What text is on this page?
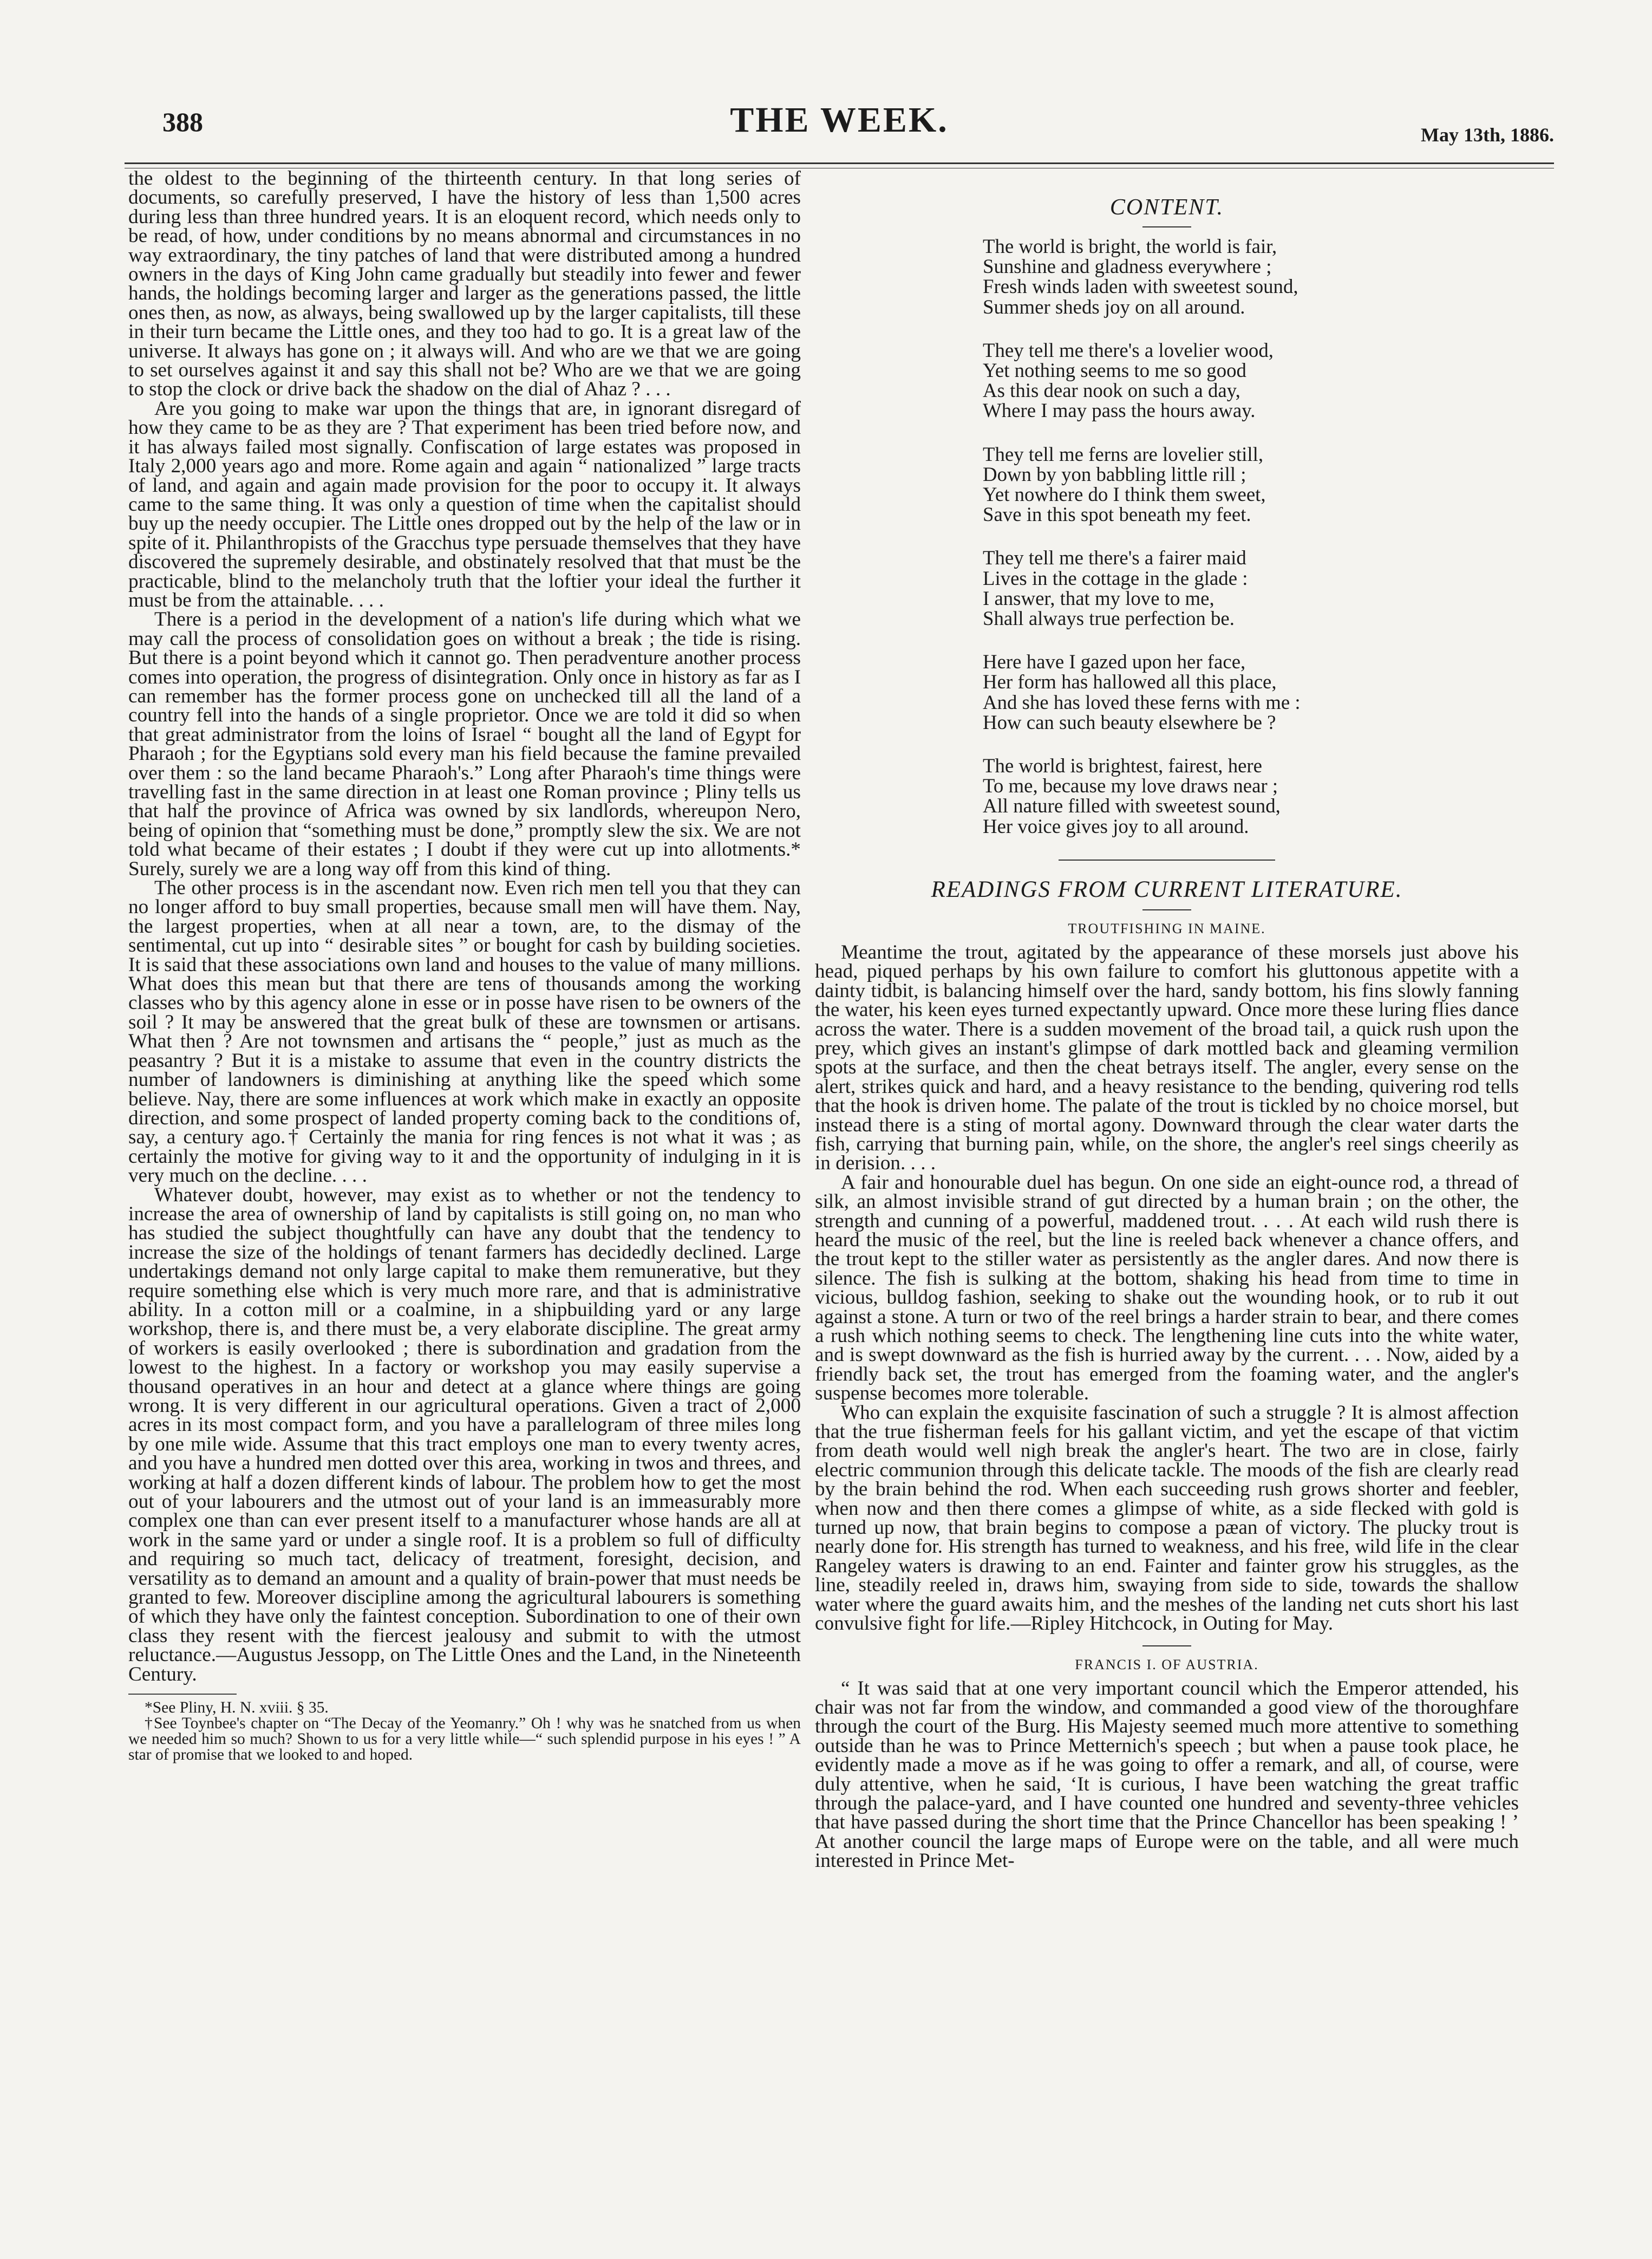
388	THE WEEK.	May 13th, 1886.

the oldest to the beginning of the thirteenth century. In that long series of documents, so carefully preserved, I have the history of less than 1,500 acres during less than three hundred years. It is an eloquent record, which needs only to be read, of how, under conditions by no means abnormal and circumstances in no way extraordinary, the tiny patches of land that were distributed among a hundred owners in the days of King John came gradually but steadily into fewer and fewer hands, the holdings becoming larger and larger as the generations passed, the little ones then, as now, as always, being swallowed up by the larger capitalists, till these in their turn became the Little ones, and they too had to go. It is a great law of the universe. It always has gone on ; it always will. And who are we that we are going to set ourselves against it and say this shall not be? Who are we that we are going to stop the clock or drive back the shadow on the dial of Ahaz ? . . .

Are you going to make war upon the things that are, in ignorant disregard of how they came to be as they are ? That experiment has been tried before now, and it has always failed most signally. Confiscation of large estates was proposed in Italy 2,000 years ago and more. Rome again and again “ nationalized ” large tracts of land, and again and again made provision for the poor to occupy it. It always came to the same thing. It was only a question of time when the capitalist should buy up the needy occupier. The Little ones dropped out by the help of the law or in spite of it. Philanthropists of the Gracchus type persuade themselves that they have discovered the supremely desirable, and obstinately resolved that that must be the practicable, blind to the melancholy truth that the loftier your ideal the further it must be from the attainable. . . .

There is a period in the development of a nation's life during which what we may call the process of consolidation goes on without a break ; the tide is rising. But there is a point beyond which it cannot go. Then peradventure another process comes into operation, the progress of disintegration. Only once in history as far as I can remember has the former process gone on unchecked till all the land of a country fell into the hands of a single proprietor. Once we are told it did so when that great administrator from the loins of Israel “ bought all the land of Egypt for Pharaoh ; for the Egyptians sold every man his field because the famine prevailed over them : so the land became Pharaoh's.” Long after Pharaoh's time things were travelling fast in the same direction in at least one Roman province ; Pliny tells us that half the province of Africa was owned by six landlords, whereupon Nero, being of opinion that “something must be done,” promptly slew the six. We are not told what became of their estates ; I doubt if they were cut up into allotments.* Surely, surely we are a long way off from this kind of thing.

The other process is in the ascendant now. Even rich men tell you that they can no longer afford to buy small properties, because small men will have them. Nay, the largest properties, when at all near a town, are, to the dismay of the sentimental, cut up into “ desirable sites ” or bought for cash by building societies. It is said that these associations own land and houses to the value of many millions. What does this mean but that there are tens of thousands among the working classes who by this agency alone in esse or in posse have risen to be owners of the soil ? It may be answered that the great bulk of these are townsmen or artisans. What then ? Are not townsmen and artisans the “ people,” just as much as the peasantry ? But it is a mistake to assume that even in the country districts the number of landowners is diminishing at anything like the speed which some believe. Nay, there are some influences at work which make in exactly an opposite direction, and some prospect of landed property coming back to the conditions of, say, a century ago.† Certainly the mania for ring fences is not what it was ; as certainly the motive for giving way to it and the opportunity of indulging in it is very much on the decline. . . .

Whatever doubt, however, may exist as to whether or not the tendency to increase the area of ownership of land by capitalists is still going on, no man who has studied the subject thoughtfully can have any doubt that the tendency to increase the size of the holdings of tenant farmers has decidedly declined. Large undertakings demand not only large capital to make them remunerative, but they require something else which is very much more rare, and that is administrative ability. In a cotton mill or a coalmine, in a shipbuilding yard or any large workshop, there is, and there must be, a very elaborate discipline. The great army of workers is easily overlooked ; there is subordination and gradation from the lowest to the highest. In a factory or workshop you may easily supervise a thousand operatives in an hour and detect at a glance where things are going wrong. It is very different in our agricultural operations. Given a tract of 2,000 acres in its most compact form, and you have a parallelogram of three miles long by one mile wide. Assume that this tract employs one man to every twenty acres, and you have a hundred men dotted over this area, working in twos and threes, and working at half a dozen different kinds of labour. The problem how to get the most out of your labourers and the utmost out of your land is an immeasurably more complex one than can ever present itself to a manufacturer whose hands are all at work in the same yard or under a single roof. It is a problem so full of difficulty and requiring so much tact, delicacy of treatment, foresight, decision, and versatility as to demand an amount and a quality of brain-power that must needs be granted to few. Moreover discipline among the agricultural labourers is something of which they have only the faintest conception. Subordination to one of their own class they resent with the fiercest jealousy and submit to with the utmost reluctance.—Augustus Jessopp, on The Little Ones and the Land, in the Nineteenth Century.

*See Pliny, H. N. xviii. § 35.

†See Toynbee's chapter on “The Decay of the Yeomanry.” Oh ! why was he snatched from us when we needed him so much? Shown to us for a very little while—“ such splendid purpose in his eyes ! ” A star of promise that we looked to and hoped.

CONTENT.
The world is bright, the world is fair,
Sunshine and gladness everywhere ;
Fresh winds laden with sweetest sound,
Summer sheds joy on all around.
They tell me there's a lovelier wood,
Yet nothing seems to me so good
As this dear nook on such a day,
Where I may pass the hours away.
They tell me ferns are lovelier still,
Down by yon babbling little rill ;
Yet nowhere do I think them sweet,
Save in this spot beneath my feet.
They tell me there's a fairer maid
Lives in the cottage in the glade :
I answer, that my love to me,
Shall always true perfection be.
Here have I gazed upon her face,
Her form has hallowed all this place,
And she has loved these ferns with me :
How can such beauty elsewhere be ?
The world is brightest, fairest, here
To me, because my love draws near ;
All nature filled with sweetest sound,
Her voice gives joy to all around.
READINGS FROM CURRENT LITERATURE.
TROUTFISHING IN MAINE.

Meantime the trout, agitated by the appearance of these morsels just above his head, piqued perhaps by his own failure to comfort his gluttonous appetite with a dainty tidbit, is balancing himself over the hard, sandy bottom, his fins slowly fanning the water, his keen eyes turned expectantly upward. Once more these luring flies dance across the water. There is a sudden movement of the broad tail, a quick rush upon the prey, which gives an instant's glimpse of dark mottled back and gleaming vermilion spots at the surface, and then the cheat betrays itself. The angler, every sense on the alert, strikes quick and hard, and a heavy resistance to the bending, quivering rod tells that the hook is driven home. The palate of the trout is tickled by no choice morsel, but instead there is a sting of mortal agony. Downward through the clear water darts the fish, carrying that burning pain, while, on the shore, the angler's reel sings cheerily as in derision. . . .

A fair and honourable duel has begun. On one side an eight-ounce rod, a thread of silk, an almost invisible strand of gut directed by a human brain ; on the other, the strength and cunning of a powerful, maddened trout. . . . At each wild rush there is heard the music of the reel, but the line is reeled back whenever a chance offers, and the trout kept to the stiller water as persistently as the angler dares. And now there is silence. The fish is sulking at the bottom, shaking his head from time to time in vicious, bulldog fashion, seeking to shake out the wounding hook, or to rub it out against a stone. A turn or two of the reel brings a harder strain to bear, and there comes a rush which nothing seems to check. The lengthening line cuts into the white water, and is swept downward as the fish is hurried away by the current. . . . Now, aided by a friendly back set, the trout has emerged from the foaming water, and the angler's suspense becomes more tolerable.

Who can explain the exquisite fascination of such a struggle ? It is almost affection that the true fisherman feels for his gallant victim, and yet the escape of that victim from death would well nigh break the angler's heart. The two are in close, fairly electric communion through this delicate tackle. The moods of the fish are clearly read by the brain behind the rod. When each succeeding rush grows shorter and feebler, when now and then there comes a glimpse of white, as a side flecked with gold is turned up now, that brain begins to compose a pæan of victory. The plucky trout is nearly done for. His strength has turned to weakness, and his free, wild life in the clear Rangeley waters is drawing to an end. Fainter and fainter grow his struggles, as the line, steadily reeled in, draws him, swaying from side to side, towards the shallow water where the guard awaits him, and the meshes of the landing net cuts short his last convulsive fight for life.—Ripley Hitchcock, in Outing for May.

FRANCIS I. OF AUSTRIA.

“ It was said that at one very important council which the Emperor attended, his chair was not far from the window, and commanded a good view of the thoroughfare through the court of the Burg. His Majesty seemed much more attentive to something outside than he was to Prince Metternich's speech ; but when a pause took place, he evidently made a move as if he was going to offer a remark, and all, of course, were duly attentive, when he said, ‘It is curious, I have been watching the great traffic through the palace-yard, and I have counted one hundred and seventy-three vehicles that have passed during the short time that the Prince Chancellor has been speaking ! ’ At another council the large maps of Europe were on the table, and all were much interested in Prince Met-
